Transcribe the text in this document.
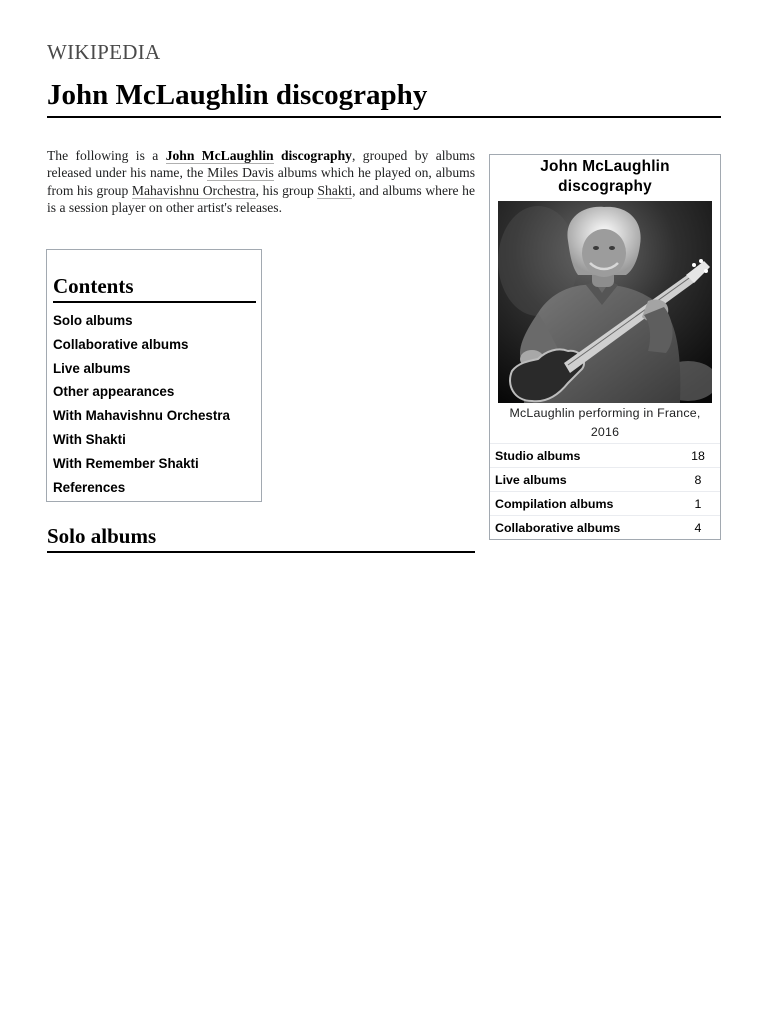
WIKIPEDIA
John McLaughlin discography

The following is a John McLaughlin discography, grouped by albums released under his name, the Miles Davis albums which he played on, albums from his group Mahavishnu Orchestra, his group Shakti, and albums where he is a session player on other artist's releases.

Contents
Solo albums
Collaborative albums
Live albums
Other appearances
With Mahavishnu Orchestra
With Shakti
With Remember Shakti
References
Solo albums
John McLaughlin discography
McLaughlin performing in France, 2016
Studio albums	18
Live albums	8
Compilation albums	1
Collaborative albums	4
